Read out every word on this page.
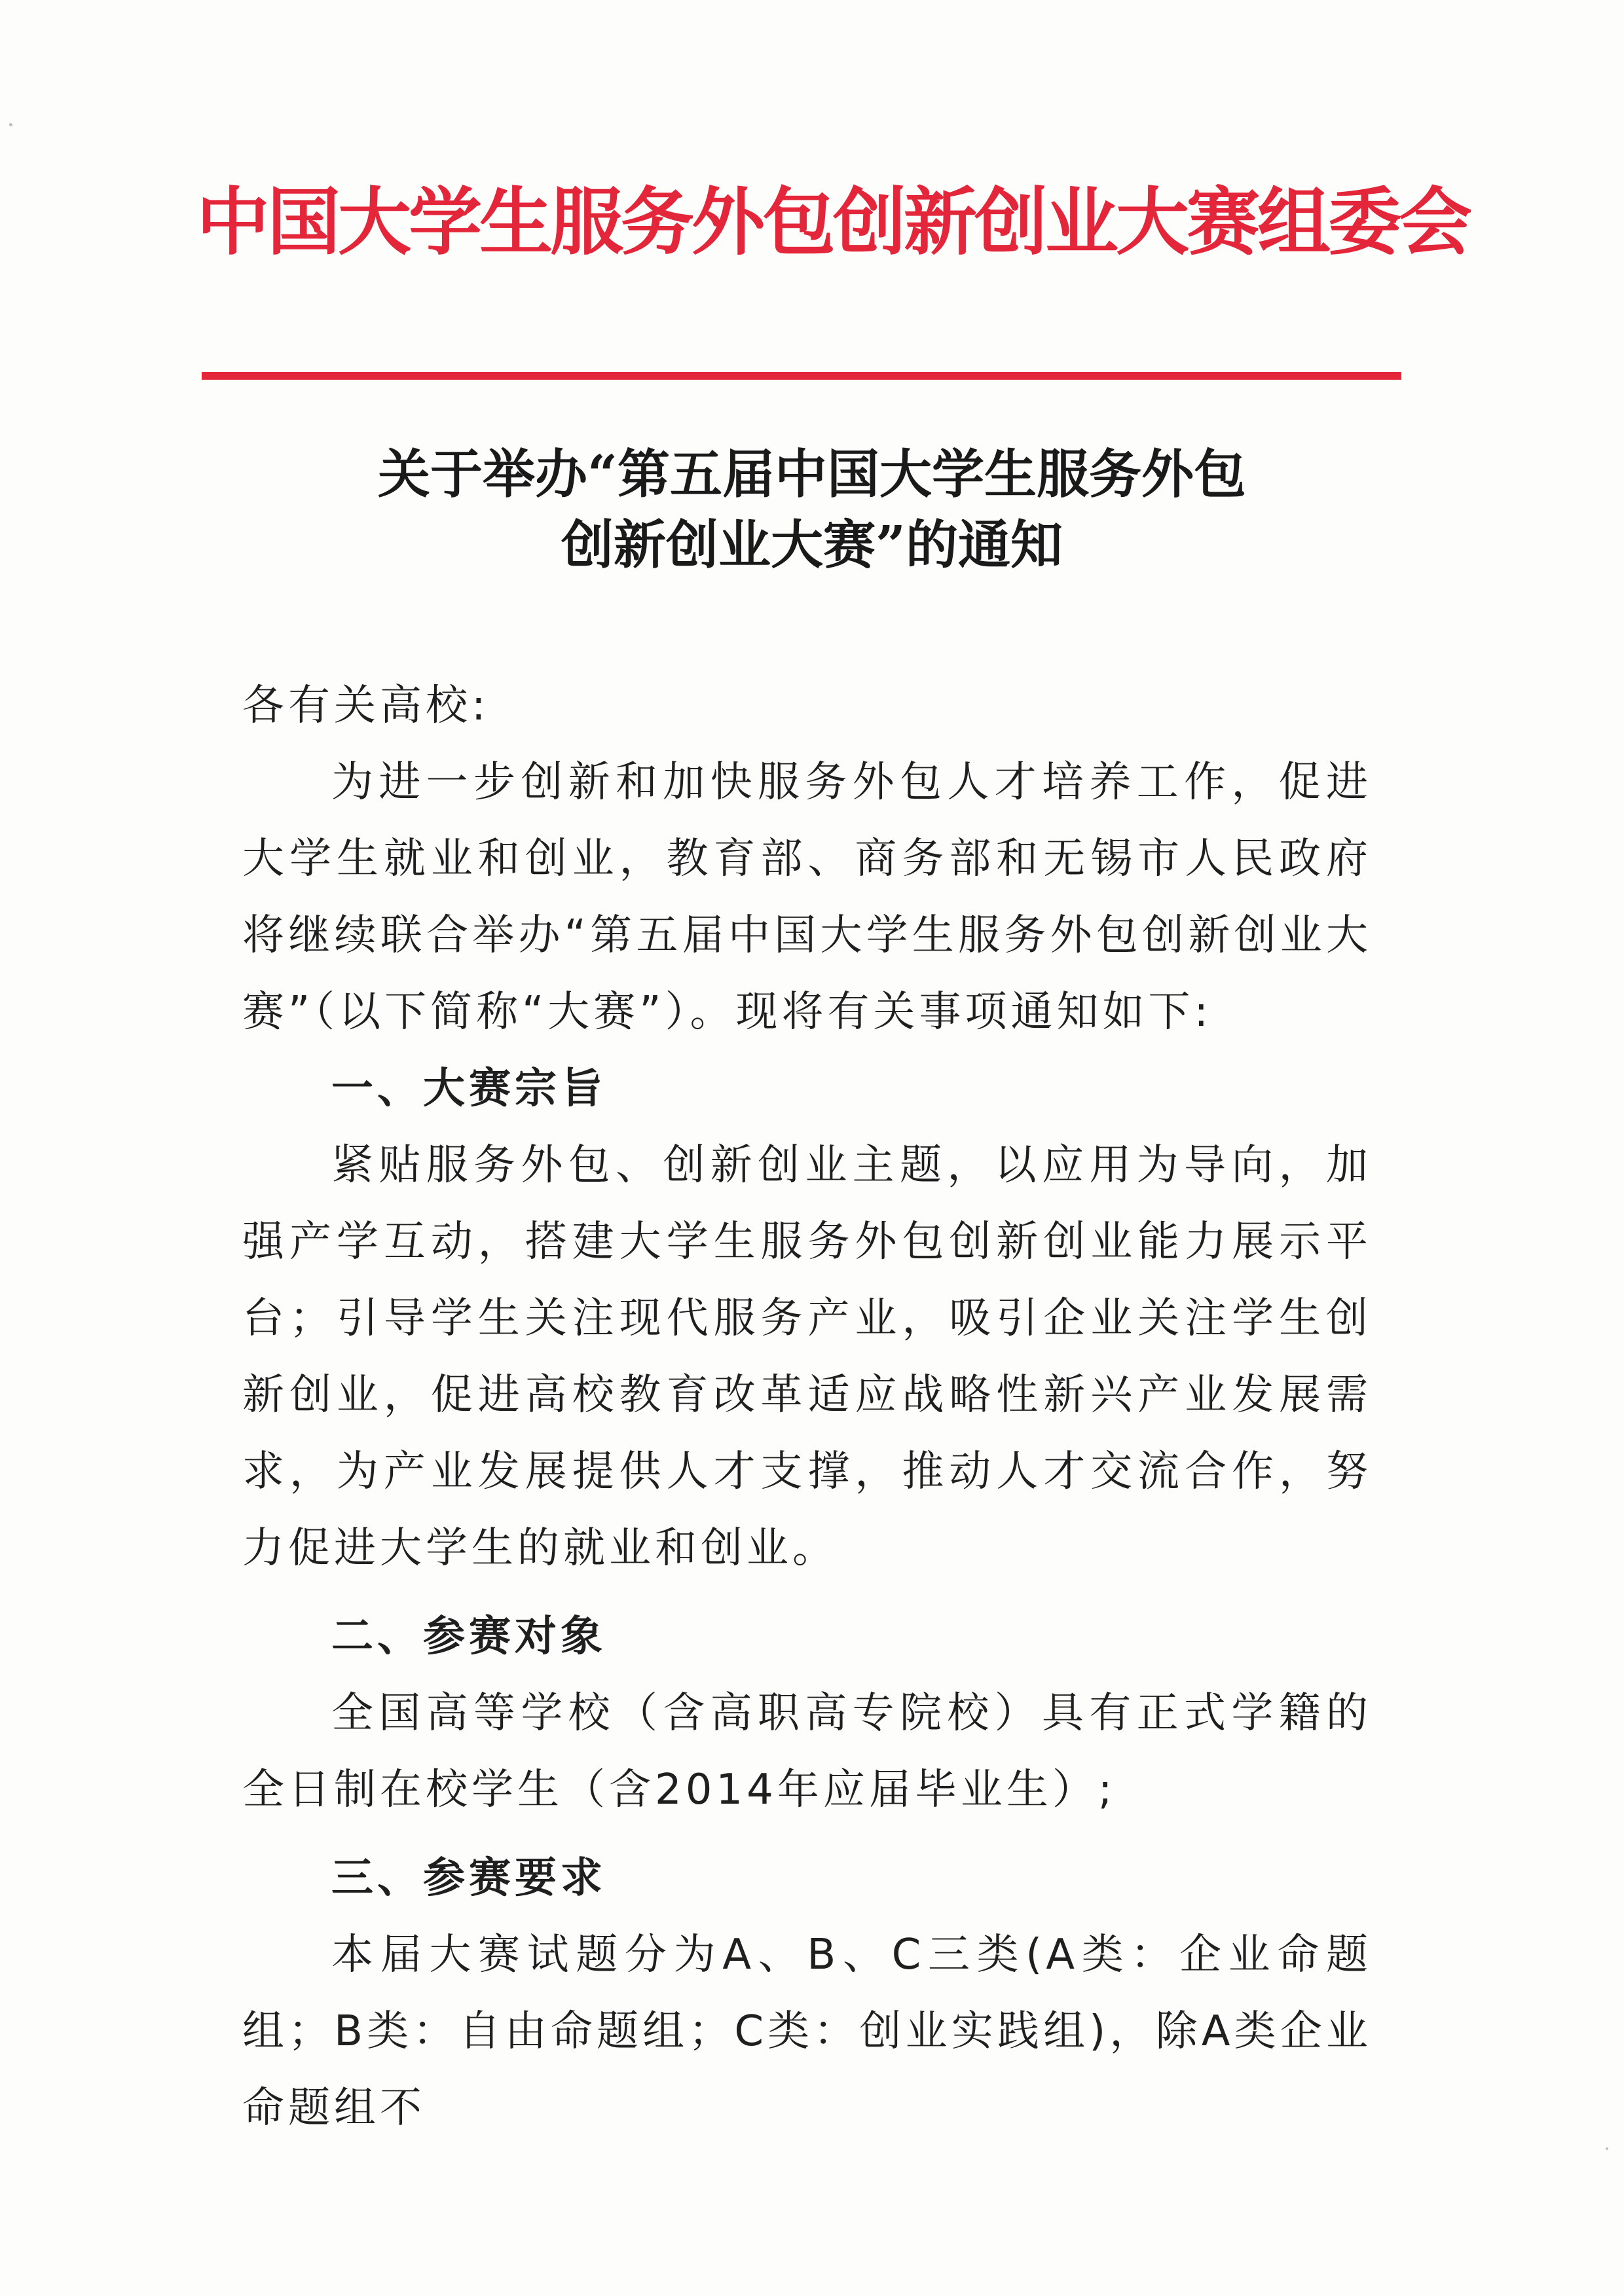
中国大学生服务外包创新创业大赛组委会
关于举办“第五届中国大学生服务外包
创新创业大赛”的通知

各有关高校:

为进一步创新和加快服务外包人才培养工作，促进大学生就业和创业，教育部、商务部和无锡市人民政府将继续联合举办“第五届中国大学生服务外包创新创业大赛”（以下简称“大赛”）。现将有关事项通知如下:

一、大赛宗旨

紧贴服务外包、创新创业主题，以应用为导向，加强产学互动，搭建大学生服务外包创新创业能力展示平台；引导学生关注现代服务产业，吸引企业关注学生创新创业，促进高校教育改革适应战略性新兴产业发展需求，为产业发展提供人才支撑，推动人才交流合作，努力促进大学生的就业和创业。

二、参赛对象

全国高等学校（含高职高专院校）具有正式学籍的全日制在校学生（含2014年应届毕业生）;

三、参赛要求

本届大赛试题分为A、B、C三类(A类：企业命题组；B类：自由命题组；C类：创业实践组)，除A类企业命题组不
